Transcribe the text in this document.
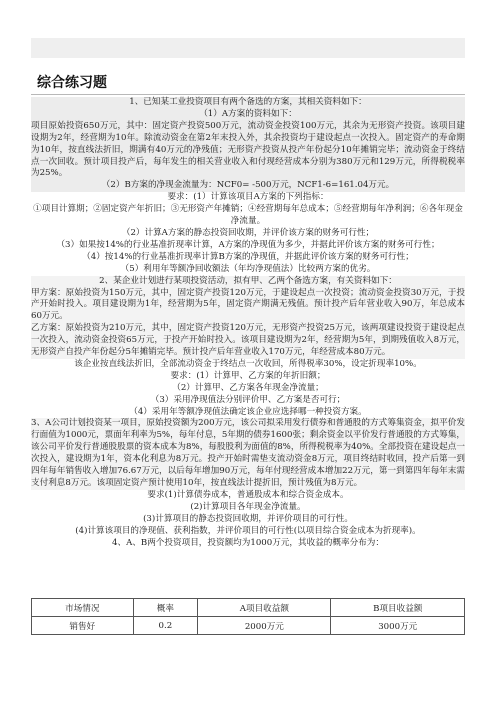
综合练习题

1、已知某工业投资项目有两个备选的方案，其相关资料如下：

（1）A方案的资料如下：

项目原始投资650万元，其中：固定资产投资500万元，流动资金投资100万元，其余为无形资产投资。该项目建设期为2年，经营期为10年。除流动资金在第2年末投入外，其余投资均于建设起点一次投入。固定资产的寿命期为10年，按直线法折旧，期满有40万元的净残值；无形资产投资从投产年份起分10年摊销完毕；流动资金于终结点一次回收。预计项目投产后，每年发生的相关营业收入和付现经营成本分别为380万元和129万元，所得税税率为25%。

（2）B方案的净现金流量为：NCF0= -500万元，NCF1-6=161.04万元。

要求：(1）计算该项目A方案的下列指标：

①项目计算期；②固定资产年折旧；③无形资产年摊销；④经营期每年总成本；⑤经营期每年净利润；⑥各年现金净流量。

（2）计算A方案的静态投资回收期，并评价该方案的财务可行性；

（3）如果按14%的行业基准折现率计算，A方案的净现值为多少，并据此评价该方案的财务可行性；

（4）按14%的行业基准折现率计算B方案的净现值，并据此评价该方案的财务可行性；

（5）利用年等额净回收额法（年均净现值法）比较两方案的优劣。

2、某企业计划进行某项投资活动，拟有甲、乙两个备选方案，有关资料如下：

甲方案：原始投资为150万元，其中，固定资产投资120万元，于建设起点一次投资；流动资金投资30万元，于投产开始时投入。项目建设期为1年，经营期为5年，固定资产期满无残值。预计投产后年营业收入90万，年总成本60万元。

乙方案：原始投资为210万元，其中，固定资产投资120万元，无形资产投资25万元，该两项建设投资于建设起点一次投入，流动资金投资65万元，于投产开始时投入。该项目建设期为2年，经营期为5年，到期残值收入8万元，无形资产自投产年份起分5年摊销完毕。预计投产后年营业收入170万元，年经营成本80万元。

该企业按直线法折旧，全部流动资金于终结点一次收回，所得税率30%，设定折现率10%。

要求：(1）计算甲、乙方案的年折旧额；

（2）计算甲、乙方案各年现金净流量；

（3）采用净现值法分别评价甲、乙方案是否可行；

（4）采用年等额净现值法确定该企业应选择哪一种投资方案。

3、A公司计划投资某一项目，原始投资额为200万元，该公司拟采用发行债券和普通股的方式筹集资金，拟平价发行面值为1000元，票面年利率为5%，每年付息，5年期的债券1600张；剩余资金以平价发行普通股的方式筹集，该公司平价发行普通股股票的资本成本为8%，每股股利为面值的8%，所得税税率为40%。全部投资在建设起点一次投入，建设期为1年，资本化利息为8万元。投产开始时需垫支流动资金8万元，项目终结时收回，投产后第一到四年每年销售收入增加76.67万元，以后每年增加90万元，每年付现经营成本增加22万元，第一到第四年每年末需支付利息8万元。该项固定资产预计使用10年，按直线法计提折旧，预计残值为8万元。

要求(1)计算债券成本，普通股成本和综合资金成本。

(2)计算项目各年现金净流量。

(3)计算项目的静态投资回收期，并评价项目的可行性。

(4)计算该项目的净现值、获利指数，并评价项目的可行性(以项目综合资金成本为折现率)。

4、A、B两个投资项目，投资额均为1000万元，其收益的概率分布为：

市场情况	概率	A项目收益额	B项目收益额
销售好	0.2	2000万元	3000万元
